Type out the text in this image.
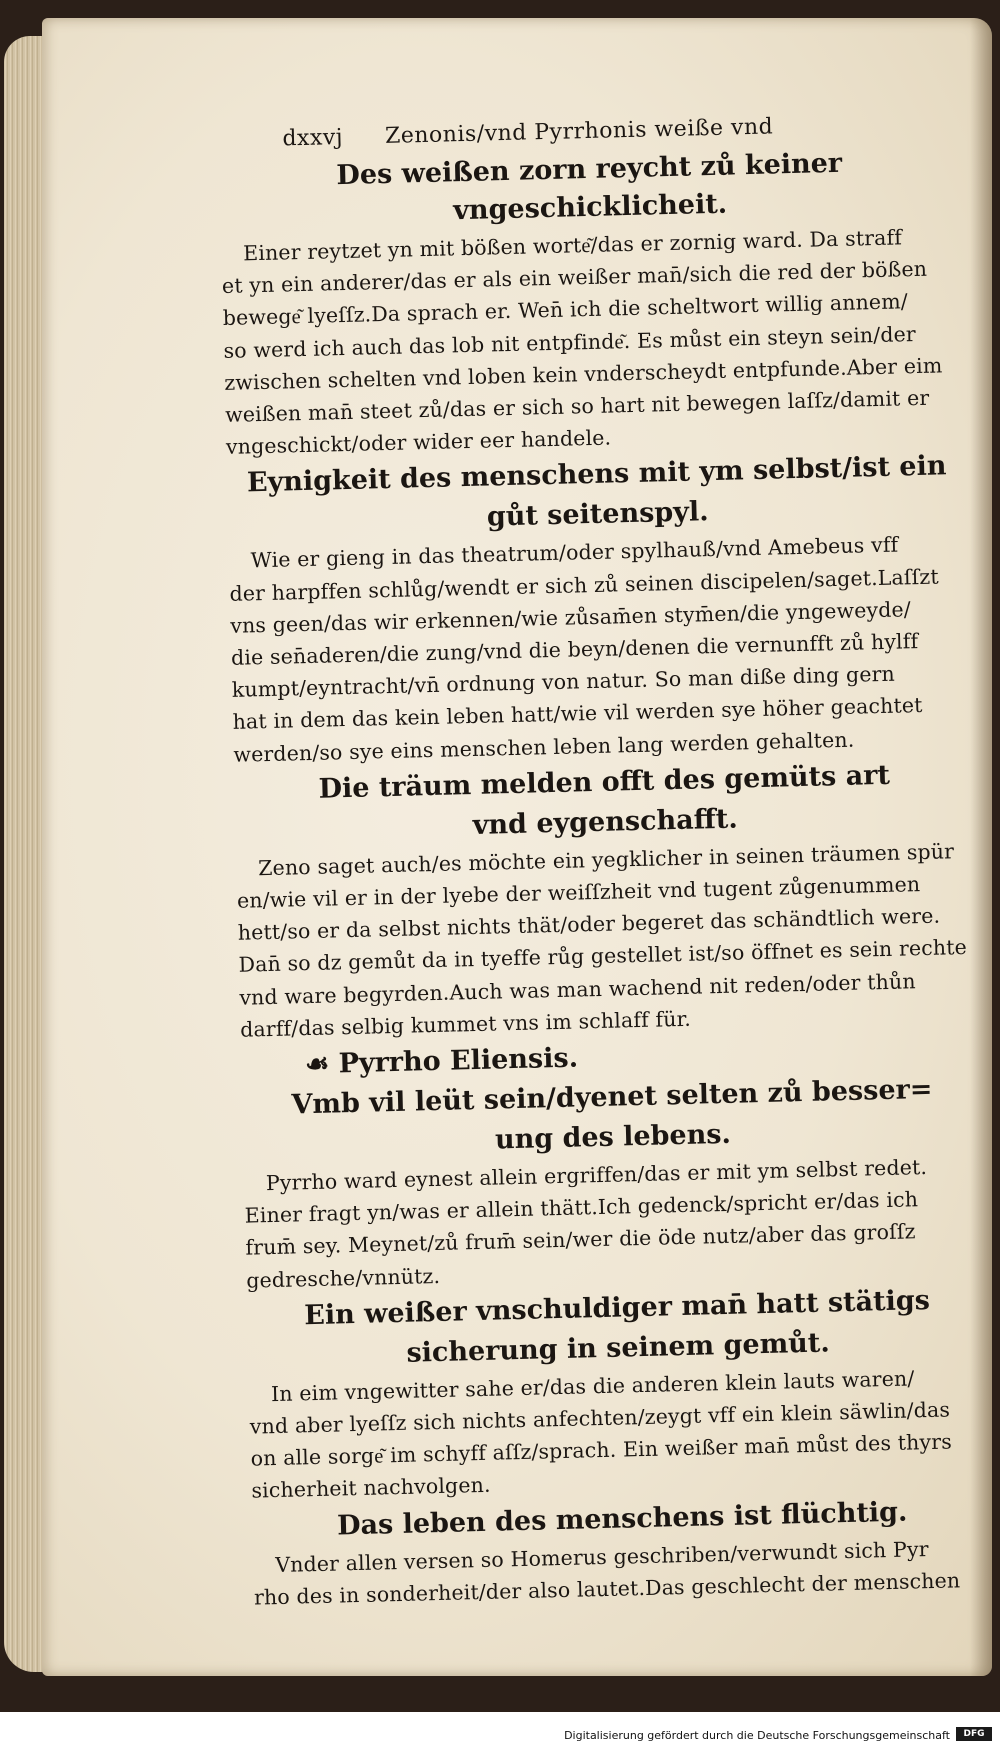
dxxvj Zenonis/vnd Pyrrhonis weiße vnd
Des weißen zorn reycht zů keiner vngeschicklicheit.

Einer reytzet yn mit bößen worte͂/das er zornig ward. Da straff
et yn ein anderer/das er als ein weißer man̄/sich die red der bößen
bewege͂ lyeſſz.Da sprach er. Wen̄ ich die scheltwort willig annem/
so werd ich auch das lob nit entpfinde͂. Es můst ein steyn sein/der
zwischen schelten vnd loben kein vnderscheydt entpfunde.Aber eim
weißen man̄ steet zů/das er sich so hart nit bewegen laſſz/damit er
vngeschickt/oder wider eer handele.

Eynigkeit des menschens mit ym selbst/ist ein
gůt seitenspyl.

Wie er gieng in das theatrum/oder spylhauß/vnd Amebeus vff
der harpffen schlůg/wendt er sich zů seinen discipelen/saget.Laſſzt
vns geen/das wir erkennen/wie zůsam̄en stym̄en/die yngeweyde/
die sen̄aderen/die zung/vnd die beyn/denen die vernunfft zů hylff
kumpt/eyntracht/vn̄ ordnung von natur. So man diße ding gern
hat in dem das kein leben hatt/wie vil werden sye höher geachtet
werden/so sye eins menschen leben lang werden gehalten.

Die träum melden offt des gemüts art
vnd eygenschafft.

Zeno saget auch/es möchte ein yegklicher in seinen träumen spür
en/wie vil er in der lyebe der weiſſzheit vnd tugent zůgenummen
hett/so er da selbst nichts thät/oder begeret das schändtlich were.
Dan̄ so dz gemůt da in tyeffe růg gestellet ist/so öffnet es sein rechte
vnd ware begyrden.Auch was man wachend nit reden/oder thůn
darff/das selbig kummet vns im schlaff für.

☙ Pyrrho Eliensis.
Vmb vil leüt sein/dyenet selten zů besser=
ung des lebens.

Pyrrho ward eynest allein ergriffen/das er mit ym selbst redet.
Einer fragt yn/was er allein thätt.Ich gedenck/spricht er/das ich
frum̄ sey. Meynet/zů frum̄ sein/wer die öde nutz/aber das groſſz
gedresche/vnnütz.

Ein weißer vnschuldiger man̄ hatt stätigs
sicherung in seinem gemůt.

In eim vngewitter sahe er/das die anderen klein lauts waren/
vnd aber lyeſſz sich nichts anfechten/zeygt vff ein klein säwlin/das
on alle sorge͂ im schyff aſſz/sprach. Ein weißer man̄ můst des thyrs
sicherheit nachvolgen.

Das leben des menschens ist flüchtig.

Vnder allen versen so Homerus geschriben/verwundt sich Pyr
rho des in sonderheit/der also lautet.Das geschlecht der menschen

Digitalisierung gefördert durch die Deutsche Forschungsgemeinschaft	DFG
